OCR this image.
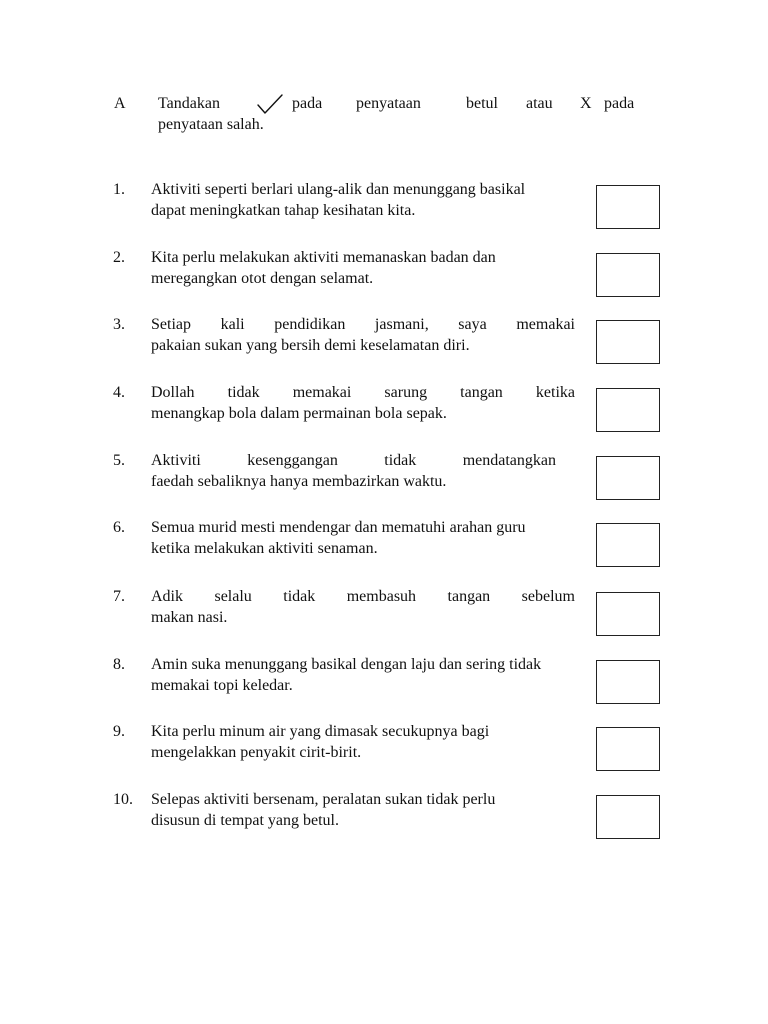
A Tandakan	pada penyataan	betul atau X pada
penyataan salah.
1. Aktiviti seperti berlari ulang-alik dan menunggang basikal
dapat meningkatkan tahap kesihatan kita.
2. Kita perlu melakukan aktiviti memanaskan badan dan
meregangkan otot dengan selamat.
3. Setiap kali pendidikan jasmani, saya memakai
pakaian sukan yang bersih demi keselamatan diri.
4. Dollah tidak memakai sarung tangan ketika
menangkap bola dalam permainan bola sepak.
5. Aktiviti	kesenggangan	tidak	mendatangkan
faedah sebaliknya hanya membazirkan waktu.
6. Semua murid mesti mendengar dan mematuhi arahan guru
ketika melakukan aktiviti senaman.
7. Adik selalu tidak membasuh tangan sebelum
makan nasi.
8. Amin suka menunggang basikal dengan laju dan sering tidak
memakai topi keledar.
9. Kita perlu minum air yang dimasak secukupnya bagi
mengelakkan penyakit cirit-birit.
10. Selepas aktiviti bersenam, peralatan sukan tidak perlu
disusun di tempat yang betul.
